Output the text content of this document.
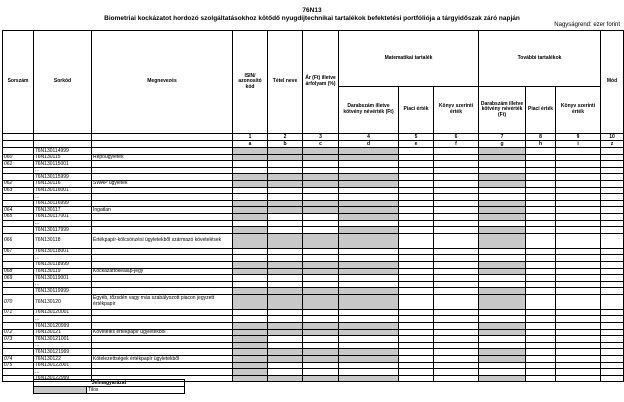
76N13
Biometriai kockázatot hordozó szolgáltatásokhoz kötődő nyugdíjtechnikai tartalékok befektetési portfóliója a tárgyidőszak záró napján
Nagyságrend: ezer forint
Sorszám	Sorkód	Megnevezés	ISIN/ azonosító kód	Tétel neve	Ár (Ft) illetve árfolyam (%)	Matematikai tartalék			További tartalékok			Mód
						Darabszám illetve kötvény névérték (Ft)	Piaci érték	Könyv szerinti érték	Darabszám illetve kötvény névérték (Ft)	Piaci érték	Könyv szerinti érték	
			1	2	3	4	5	6	7	8	9	10
			a	b	c	d	e	f	g	h	i	z
	76N130114999											
060	76N130115	Repoügyletek										
061	76N130115001											
	...											
	76N130115999											
062	76N130116	SWAP ügyletek										
063	76N130116001											
	...											
	76N130116999											
064	76N130117	Ingatlan										
065	76N130117001											
	...											
	76N130117999											
066	76N130118	Értékpapír-kölcsönzési ügyletekből származó követelések										
067	76N130118001											
	...											
	76N130118999											
068	76N130119	Kockázattőkealap-jegy										
069	76N130119001											
	...											
	76N130119999											
070	76N130120	Egyéb, tőzsdén vagy más szabályozott piacon jegyzett értékpapír										
071	76N130120001											
	...											
	76N130120999											
072	76N130121	Követelés értékpapír ügyletekből										
073	76N130121001											
	...											
	76N130121999											
074	76N130122	Kötelezettségek értékpapír ügyletekből										
075	76N130122001											
	...											
	76N130122999											
Jelmagyarázat
	Tilos
